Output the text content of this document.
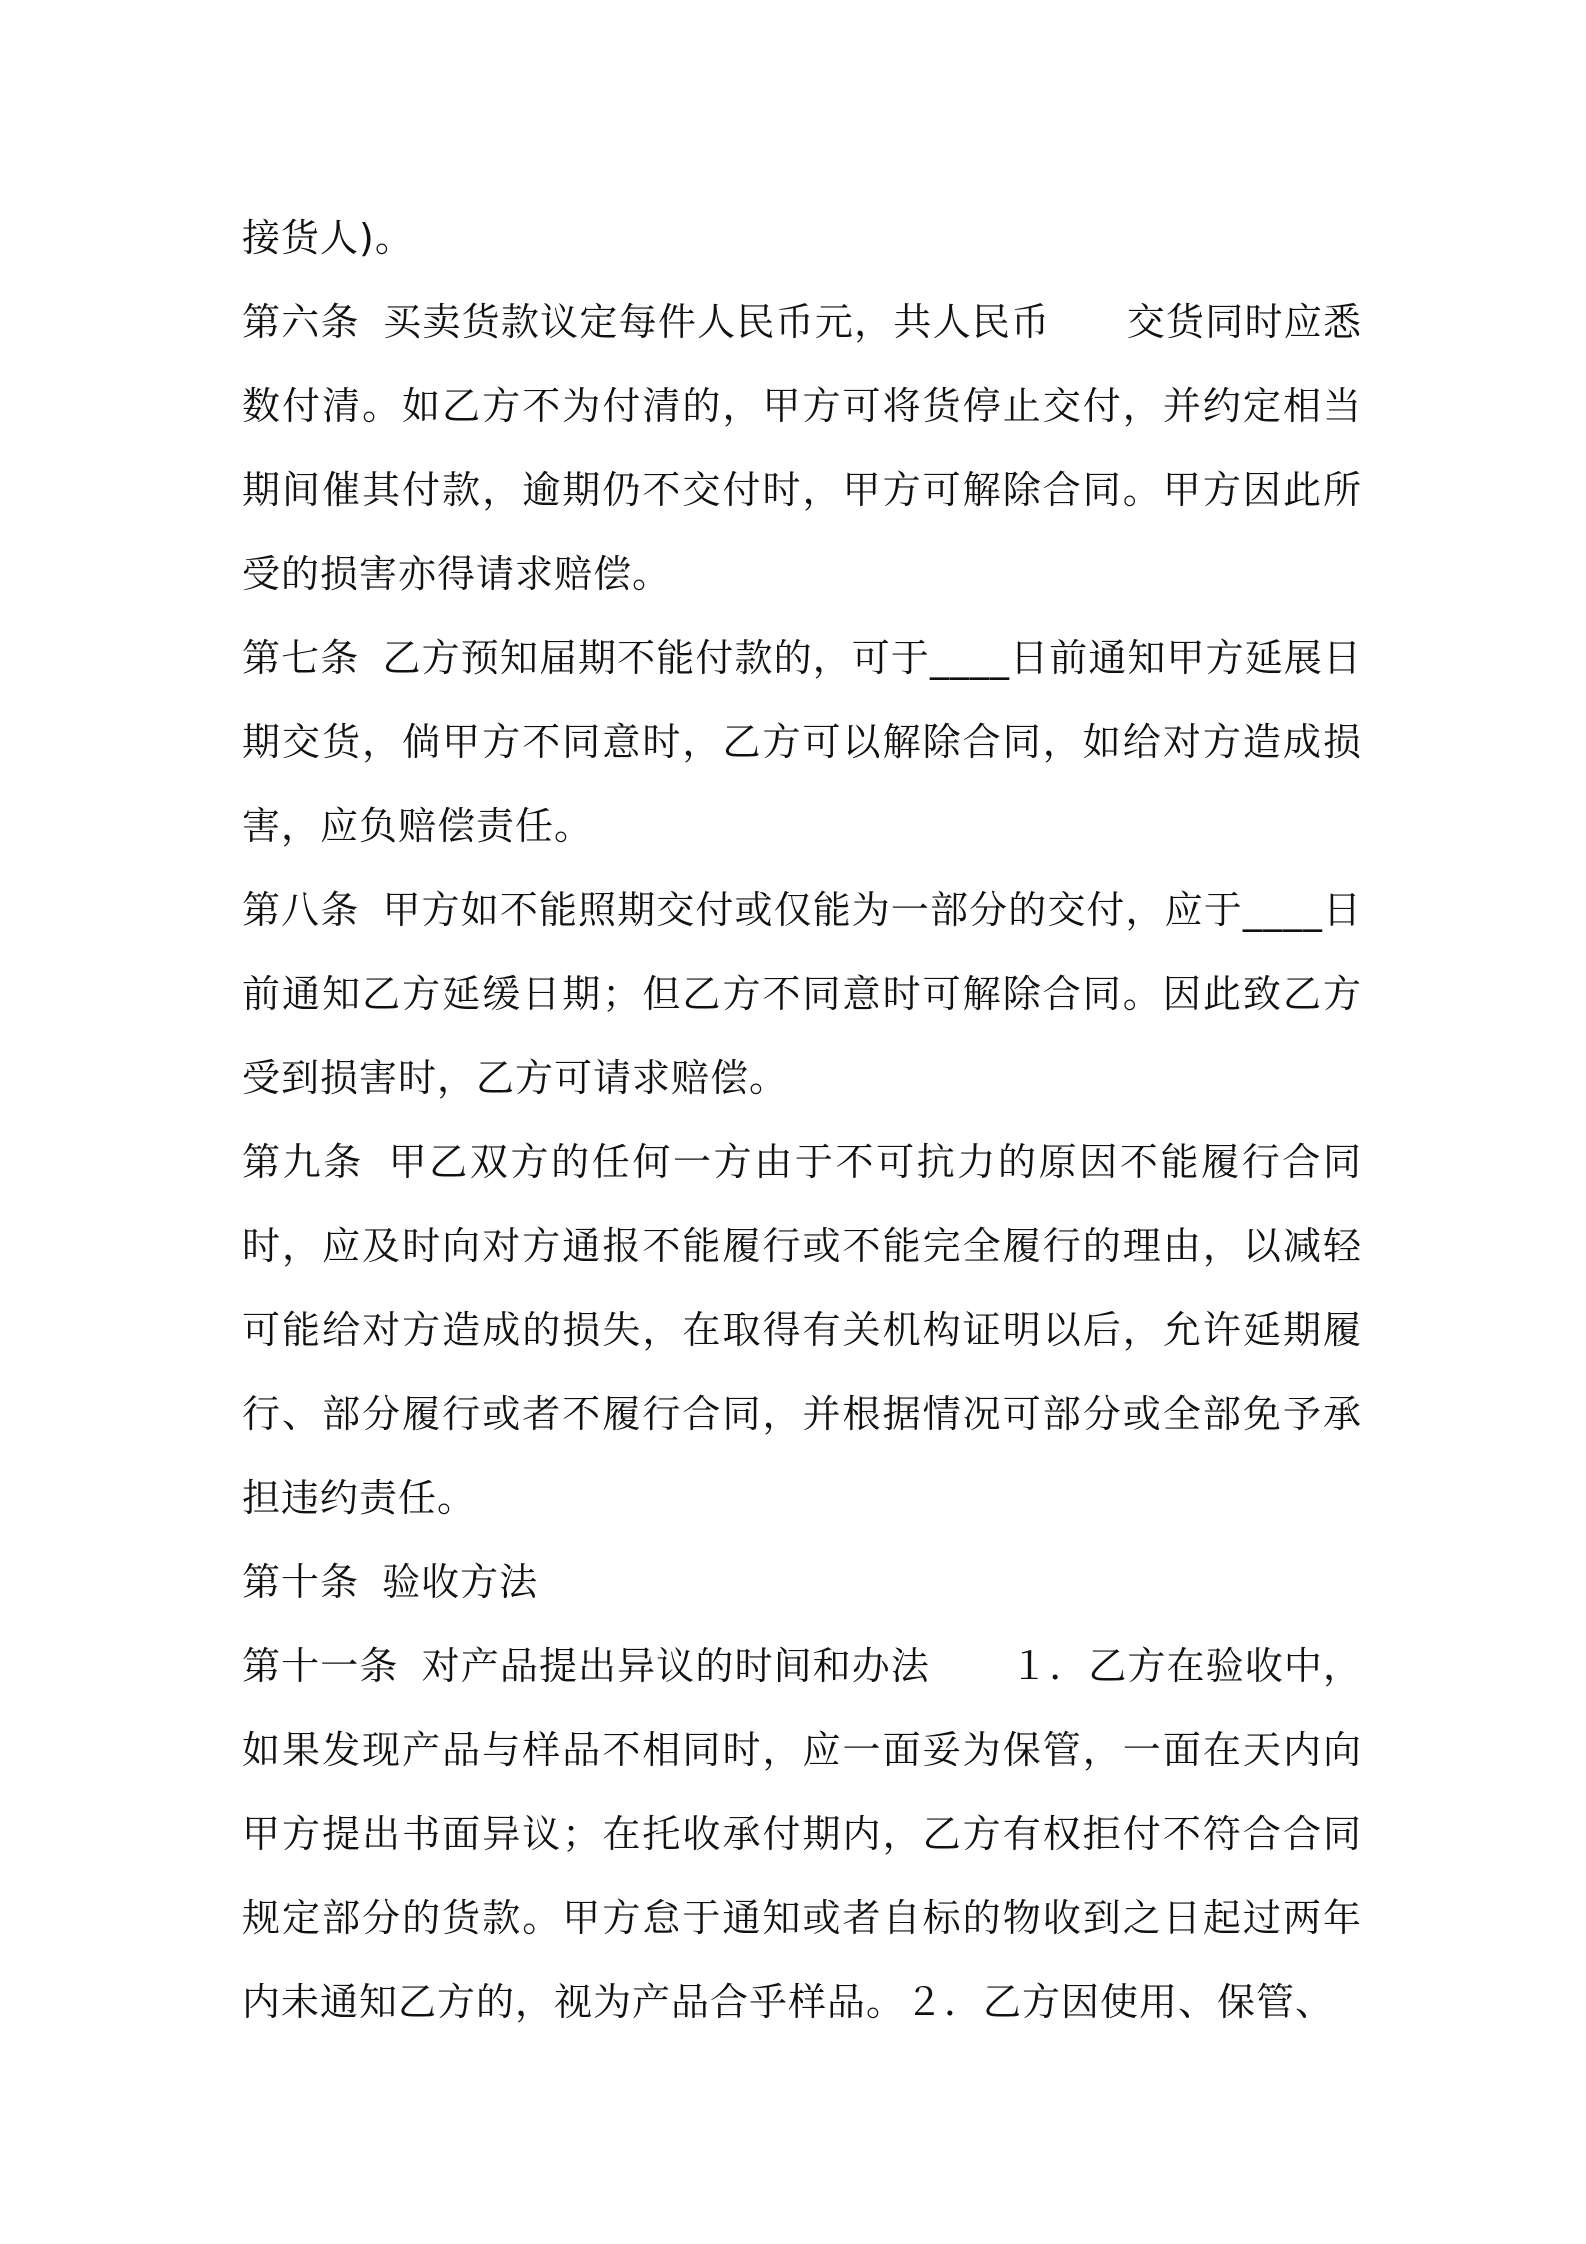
接货人)。

第六条 买卖货款议定每件人民币元，共人民币 交货同时应悉数付清。如乙方不为付清的，甲方可将货停止交付，并约定相当期间催其付款，逾期仍不交付时，甲方可解除合同。甲方因此所受的损害亦得请求赔偿。

第七条 乙方预知届期不能付款的，可于____日前通知甲方延展日期交货，倘甲方不同意时，乙方可以解除合同，如给对方造成损害，应负赔偿责任。

第八条 甲方如不能照期交付或仅能为一部分的交付，应于____日前通知乙方延缓日期；但乙方不同意时可解除合同。因此致乙方受到损害时，乙方可请求赔偿。

第九条 甲乙双方的任何一方由于不可抗力的原因不能履行合同时，应及时向对方通报不能履行或不能完全履行的理由，以减轻可能给对方造成的损失，在取得有关机构证明以后，允许延期履行、部分履行或者不履行合同，并根据情况可部分或全部免予承担违约责任。

第十条 验收方法

第十一条 对产品提出异议的时间和办法 １．乙方在验收中，如果发现产品与样品不相同时，应一面妥为保管，一面在天内向甲方提出书面异议；在托收承付期内，乙方有权拒付不符合合同规定部分的货款。甲方怠于通知或者自标的物收到之日起过两年内未通知乙方的，视为产品合乎样品。２．乙方因使用、保管、
